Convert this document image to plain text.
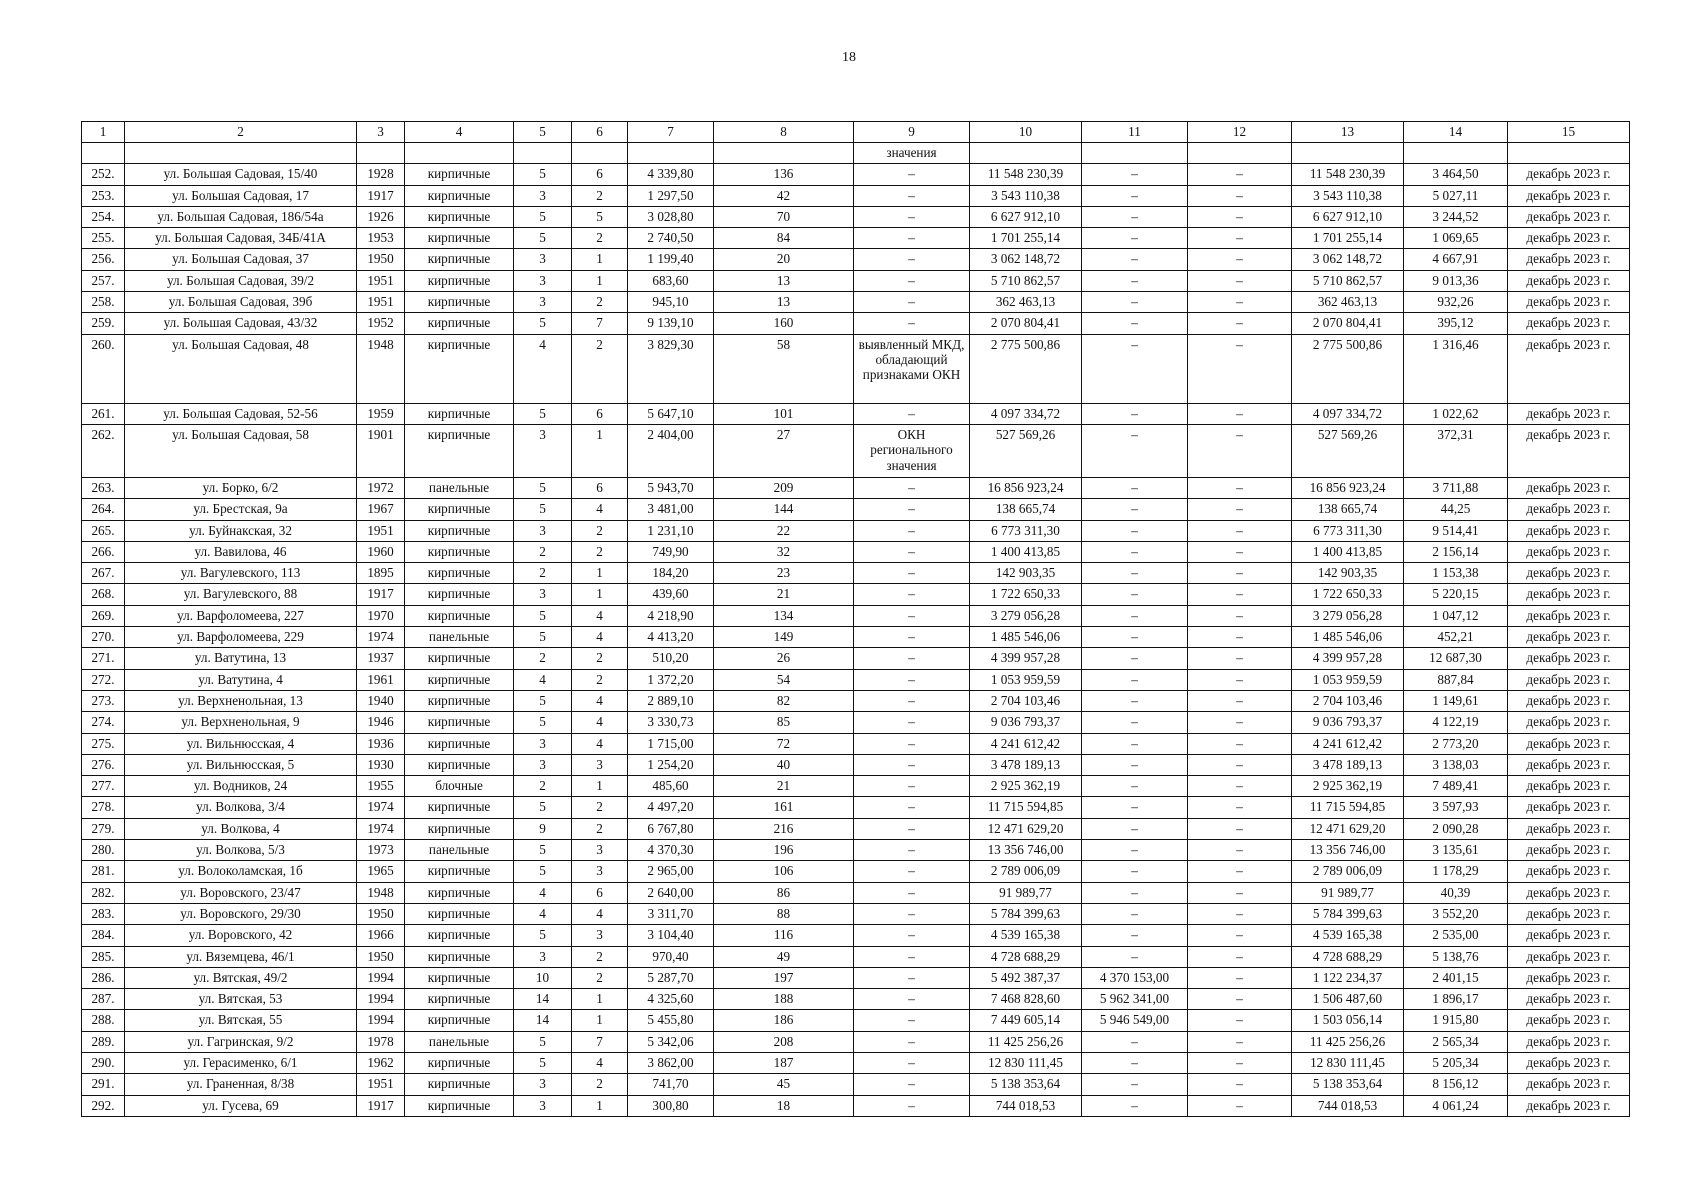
18
1	2	3	4	5	6	7	8	9	10	11	12	13	14	15
								значения						
252.	ул. Большая Садовая, 15/40	1928	кирпичные	5	6	4 339,80	136	–	11 548 230,39	–	–	11 548 230,39	3 464,50	декабрь 2023 г.
253.	ул. Большая Садовая, 17	1917	кирпичные	3	2	1 297,50	42	–	3 543 110,38	–	–	3 543 110,38	5 027,11	декабрь 2023 г.
254.	ул. Большая Садовая, 186/54а	1926	кирпичные	5	5	3 028,80	70	–	6 627 912,10	–	–	6 627 912,10	3 244,52	декабрь 2023 г.
255.	ул. Большая Садовая, 34Б/41А	1953	кирпичные	5	2	2 740,50	84	–	1 701 255,14	–	–	1 701 255,14	1 069,65	декабрь 2023 г.
256.	ул. Большая Садовая, 37	1950	кирпичные	3	1	1 199,40	20	–	3 062 148,72	–	–	3 062 148,72	4 667,91	декабрь 2023 г.
257.	ул. Большая Садовая, 39/2	1951	кирпичные	3	1	683,60	13	–	5 710 862,57	–	–	5 710 862,57	9 013,36	декабрь 2023 г.
258.	ул. Большая Садовая, 39б	1951	кирпичные	3	2	945,10	13	–	362 463,13	–	–	362 463,13	932,26	декабрь 2023 г.
259.	ул. Большая Садовая, 43/32	1952	кирпичные	5	7	9 139,10	160	–	2 070 804,41	–	–	2 070 804,41	395,12	декабрь 2023 г.
260.	ул. Большая Садовая, 48	1948	кирпичные	4	2	3 829,30	58	выявленный МКД, обладающий признаками ОКН	2 775 500,86	–	–	2 775 500,86	1 316,46	декабрь 2023 г.
261.	ул. Большая Садовая, 52-56	1959	кирпичные	5	6	5 647,10	101	–	4 097 334,72	–	–	4 097 334,72	1 022,62	декабрь 2023 г.
262.	ул. Большая Садовая, 58	1901	кирпичные	3	1	2 404,00	27	ОКН регионального значения	527 569,26	–	–	527 569,26	372,31	декабрь 2023 г.
263.	ул. Борко, 6/2	1972	панельные	5	6	5 943,70	209	–	16 856 923,24	–	–	16 856 923,24	3 711,88	декабрь 2023 г.
264.	ул. Брестская, 9а	1967	кирпичные	5	4	3 481,00	144	–	138 665,74	–	–	138 665,74	44,25	декабрь 2023 г.
265.	ул. Буйнакская, 32	1951	кирпичные	3	2	1 231,10	22	–	6 773 311,30	–	–	6 773 311,30	9 514,41	декабрь 2023 г.
266.	ул. Вавилова, 46	1960	кирпичные	2	2	749,90	32	–	1 400 413,85	–	–	1 400 413,85	2 156,14	декабрь 2023 г.
267.	ул. Вагулевского, 113	1895	кирпичные	2	1	184,20	23	–	142 903,35	–	–	142 903,35	1 153,38	декабрь 2023 г.
268.	ул. Вагулевского, 88	1917	кирпичные	3	1	439,60	21	–	1 722 650,33	–	–	1 722 650,33	5 220,15	декабрь 2023 г.
269.	ул. Варфоломеева, 227	1970	кирпичные	5	4	4 218,90	134	–	3 279 056,28	–	–	3 279 056,28	1 047,12	декабрь 2023 г.
270.	ул. Варфоломеева, 229	1974	панельные	5	4	4 413,20	149	–	1 485 546,06	–	–	1 485 546,06	452,21	декабрь 2023 г.
271.	ул. Ватутина, 13	1937	кирпичные	2	2	510,20	26	–	4 399 957,28	–	–	4 399 957,28	12 687,30	декабрь 2023 г.
272.	ул. Ватутина, 4	1961	кирпичные	4	2	1 372,20	54	–	1 053 959,59	–	–	1 053 959,59	887,84	декабрь 2023 г.
273.	ул. Верхненольная, 13	1940	кирпичные	5	4	2 889,10	82	–	2 704 103,46	–	–	2 704 103,46	1 149,61	декабрь 2023 г.
274.	ул. Верхненольная, 9	1946	кирпичные	5	4	3 330,73	85	–	9 036 793,37	–	–	9 036 793,37	4 122,19	декабрь 2023 г.
275.	ул. Вильнюсская, 4	1936	кирпичные	3	4	1 715,00	72	–	4 241 612,42	–	–	4 241 612,42	2 773,20	декабрь 2023 г.
276.	ул. Вильнюсская, 5	1930	кирпичные	3	3	1 254,20	40	–	3 478 189,13	–	–	3 478 189,13	3 138,03	декабрь 2023 г.
277.	ул. Водников, 24	1955	блочные	2	1	485,60	21	–	2 925 362,19	–	–	2 925 362,19	7 489,41	декабрь 2023 г.
278.	ул. Волкова, 3/4	1974	кирпичные	5	2	4 497,20	161	–	11 715 594,85	–	–	11 715 594,85	3 597,93	декабрь 2023 г.
279.	ул. Волкова, 4	1974	кирпичные	9	2	6 767,80	216	–	12 471 629,20	–	–	12 471 629,20	2 090,28	декабрь 2023 г.
280.	ул. Волкова, 5/3	1973	панельные	5	3	4 370,30	196	–	13 356 746,00	–	–	13 356 746,00	3 135,61	декабрь 2023 г.
281.	ул. Волоколамская, 1б	1965	кирпичные	5	3	2 965,00	106	–	2 789 006,09	–	–	2 789 006,09	1 178,29	декабрь 2023 г.
282.	ул. Воровского, 23/47	1948	кирпичные	4	6	2 640,00	86	–	91 989,77	–	–	91 989,77	40,39	декабрь 2023 г.
283.	ул. Воровского, 29/30	1950	кирпичные	4	4	3 311,70	88	–	5 784 399,63	–	–	5 784 399,63	3 552,20	декабрь 2023 г.
284.	ул. Воровского, 42	1966	кирпичные	5	3	3 104,40	116	–	4 539 165,38	–	–	4 539 165,38	2 535,00	декабрь 2023 г.
285.	ул. Вяземцева, 46/1	1950	кирпичные	3	2	970,40	49	–	4 728 688,29	–	–	4 728 688,29	5 138,76	декабрь 2023 г.
286.	ул. Вятская, 49/2	1994	кирпичные	10	2	5 287,70	197	–	5 492 387,37	4 370 153,00	–	1 122 234,37	2 401,15	декабрь 2023 г.
287.	ул. Вятская, 53	1994	кирпичные	14	1	4 325,60	188	–	7 468 828,60	5 962 341,00	–	1 506 487,60	1 896,17	декабрь 2023 г.
288.	ул. Вятская, 55	1994	кирпичные	14	1	5 455,80	186	–	7 449 605,14	5 946 549,00	–	1 503 056,14	1 915,80	декабрь 2023 г.
289.	ул. Гагринская, 9/2	1978	панельные	5	7	5 342,06	208	–	11 425 256,26	–	–	11 425 256,26	2 565,34	декабрь 2023 г.
290.	ул. Герасименко, 6/1	1962	кирпичные	5	4	3 862,00	187	–	12 830 111,45	–	–	12 830 111,45	5 205,34	декабрь 2023 г.
291.	ул. Граненная, 8/38	1951	кирпичные	3	2	741,70	45	–	5 138 353,64	–	–	5 138 353,64	8 156,12	декабрь 2023 г.
292.	ул. Гусева, 69	1917	кирпичные	3	1	300,80	18	–	744 018,53	–	–	744 018,53	4 061,24	декабрь 2023 г.
